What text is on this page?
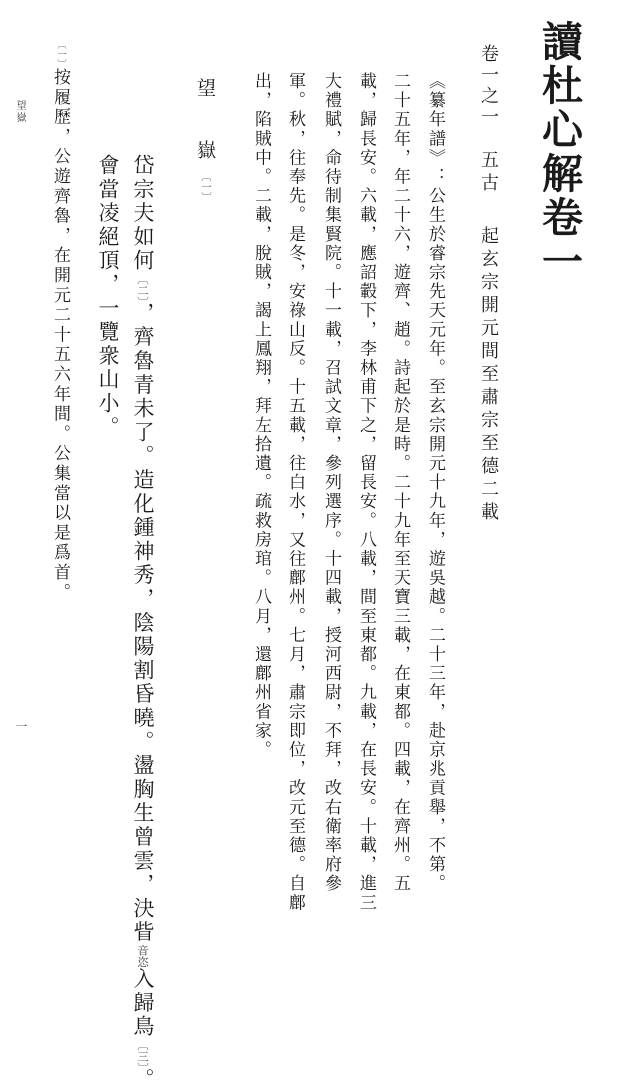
讀杜心解卷一
卷一之一五古起玄宗開元間至肅宗至德二載
《纂年譜》：公生於睿宗先天元年。至玄宗開元十九年，遊吳越。二十三年，赴京兆貢舉，不第。
二十五年，年二十六，遊齊、趙。詩起於是時。二十九年至天寶三載，在東都。四載，在齊州。五
載，歸長安。六載，應詔轂下，李林甫下之，留長安。八載，間至東都。九載，在長安。十載，進三
大禮賦，命待制集賢院。十一載，召試文章，參列選序。十四載，授河西尉，不拜，改右衛率府參
軍。秋，往奉先。是冬，安祿山反。十五載，往白水，又往鄜州。七月，肅宗即位，改元至德。自鄜
出，陷賊中。二載，脫賊，謁上鳳翔，拜左拾遺。疏救房琯。八月，還鄜州省家。
望　嶽〔一〕
岱宗夫如何〔二〕，齊魯青未了。造化鍾神秀，陰陽割昏曉。盪胸生曾雲，決眥音恣入歸鳥〔三〕。
會當凌絕頂，一覽衆山小。
〔一〕按履歷，公遊齊魯，在開元二十五六年間。公集當以是爲首。
望嶽
一
